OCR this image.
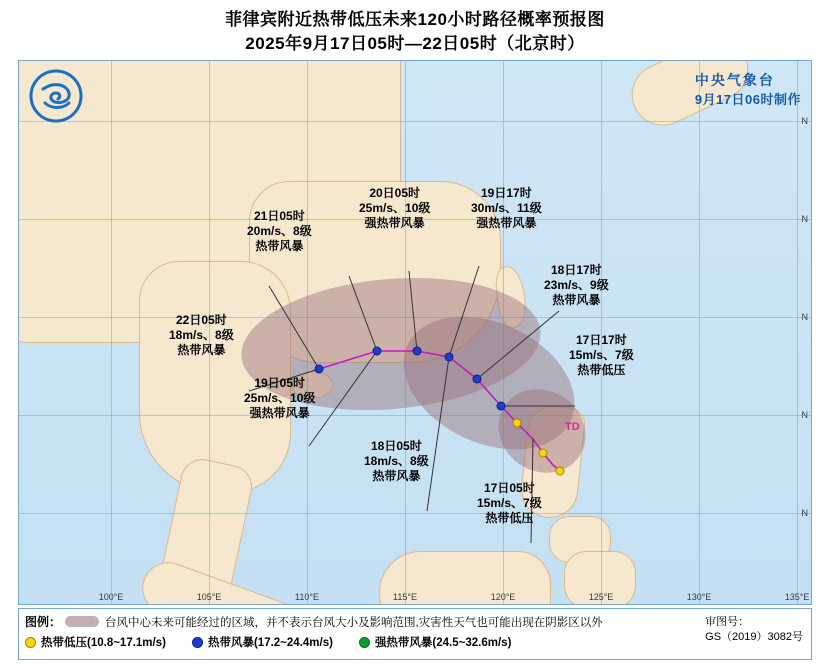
菲律宾附近热带低压未来120小时路径概率预报图
2025年9月17日05时—22日05时（北京时）
100°E	105°E	110°E	115°E	120°E	125°E	130°E	135°E
N
N
N
N
N
中央气象台
9月17日06时制作
TD
21日05时
20m/s、8级
热带风暴
20日05时
25m/s、10级
强热带风暴
19日17时
30m/s、11级
强热带风暴
18日17时
23m/s、9级
热带风暴
17日17时
15m/s、7级
热带低压
22日05时
18m/s、8级
热带风暴
19日05时
25m/s、10级
强热带风暴
18日05时
18m/s、8级
热带风暴
17日05时
15m/s、7级
热带低压
图例：	台风中心未来可能经过的区域，并不表示台风大小及影响范围,灾害性天气也可能出现在阴影区以外
热带低压(10.8~17.1m/s)	热带风暴(17.2~24.4m/s)	强热带风暴(24.5~32.6m/s)
审图号：
GS（2019）3082号
